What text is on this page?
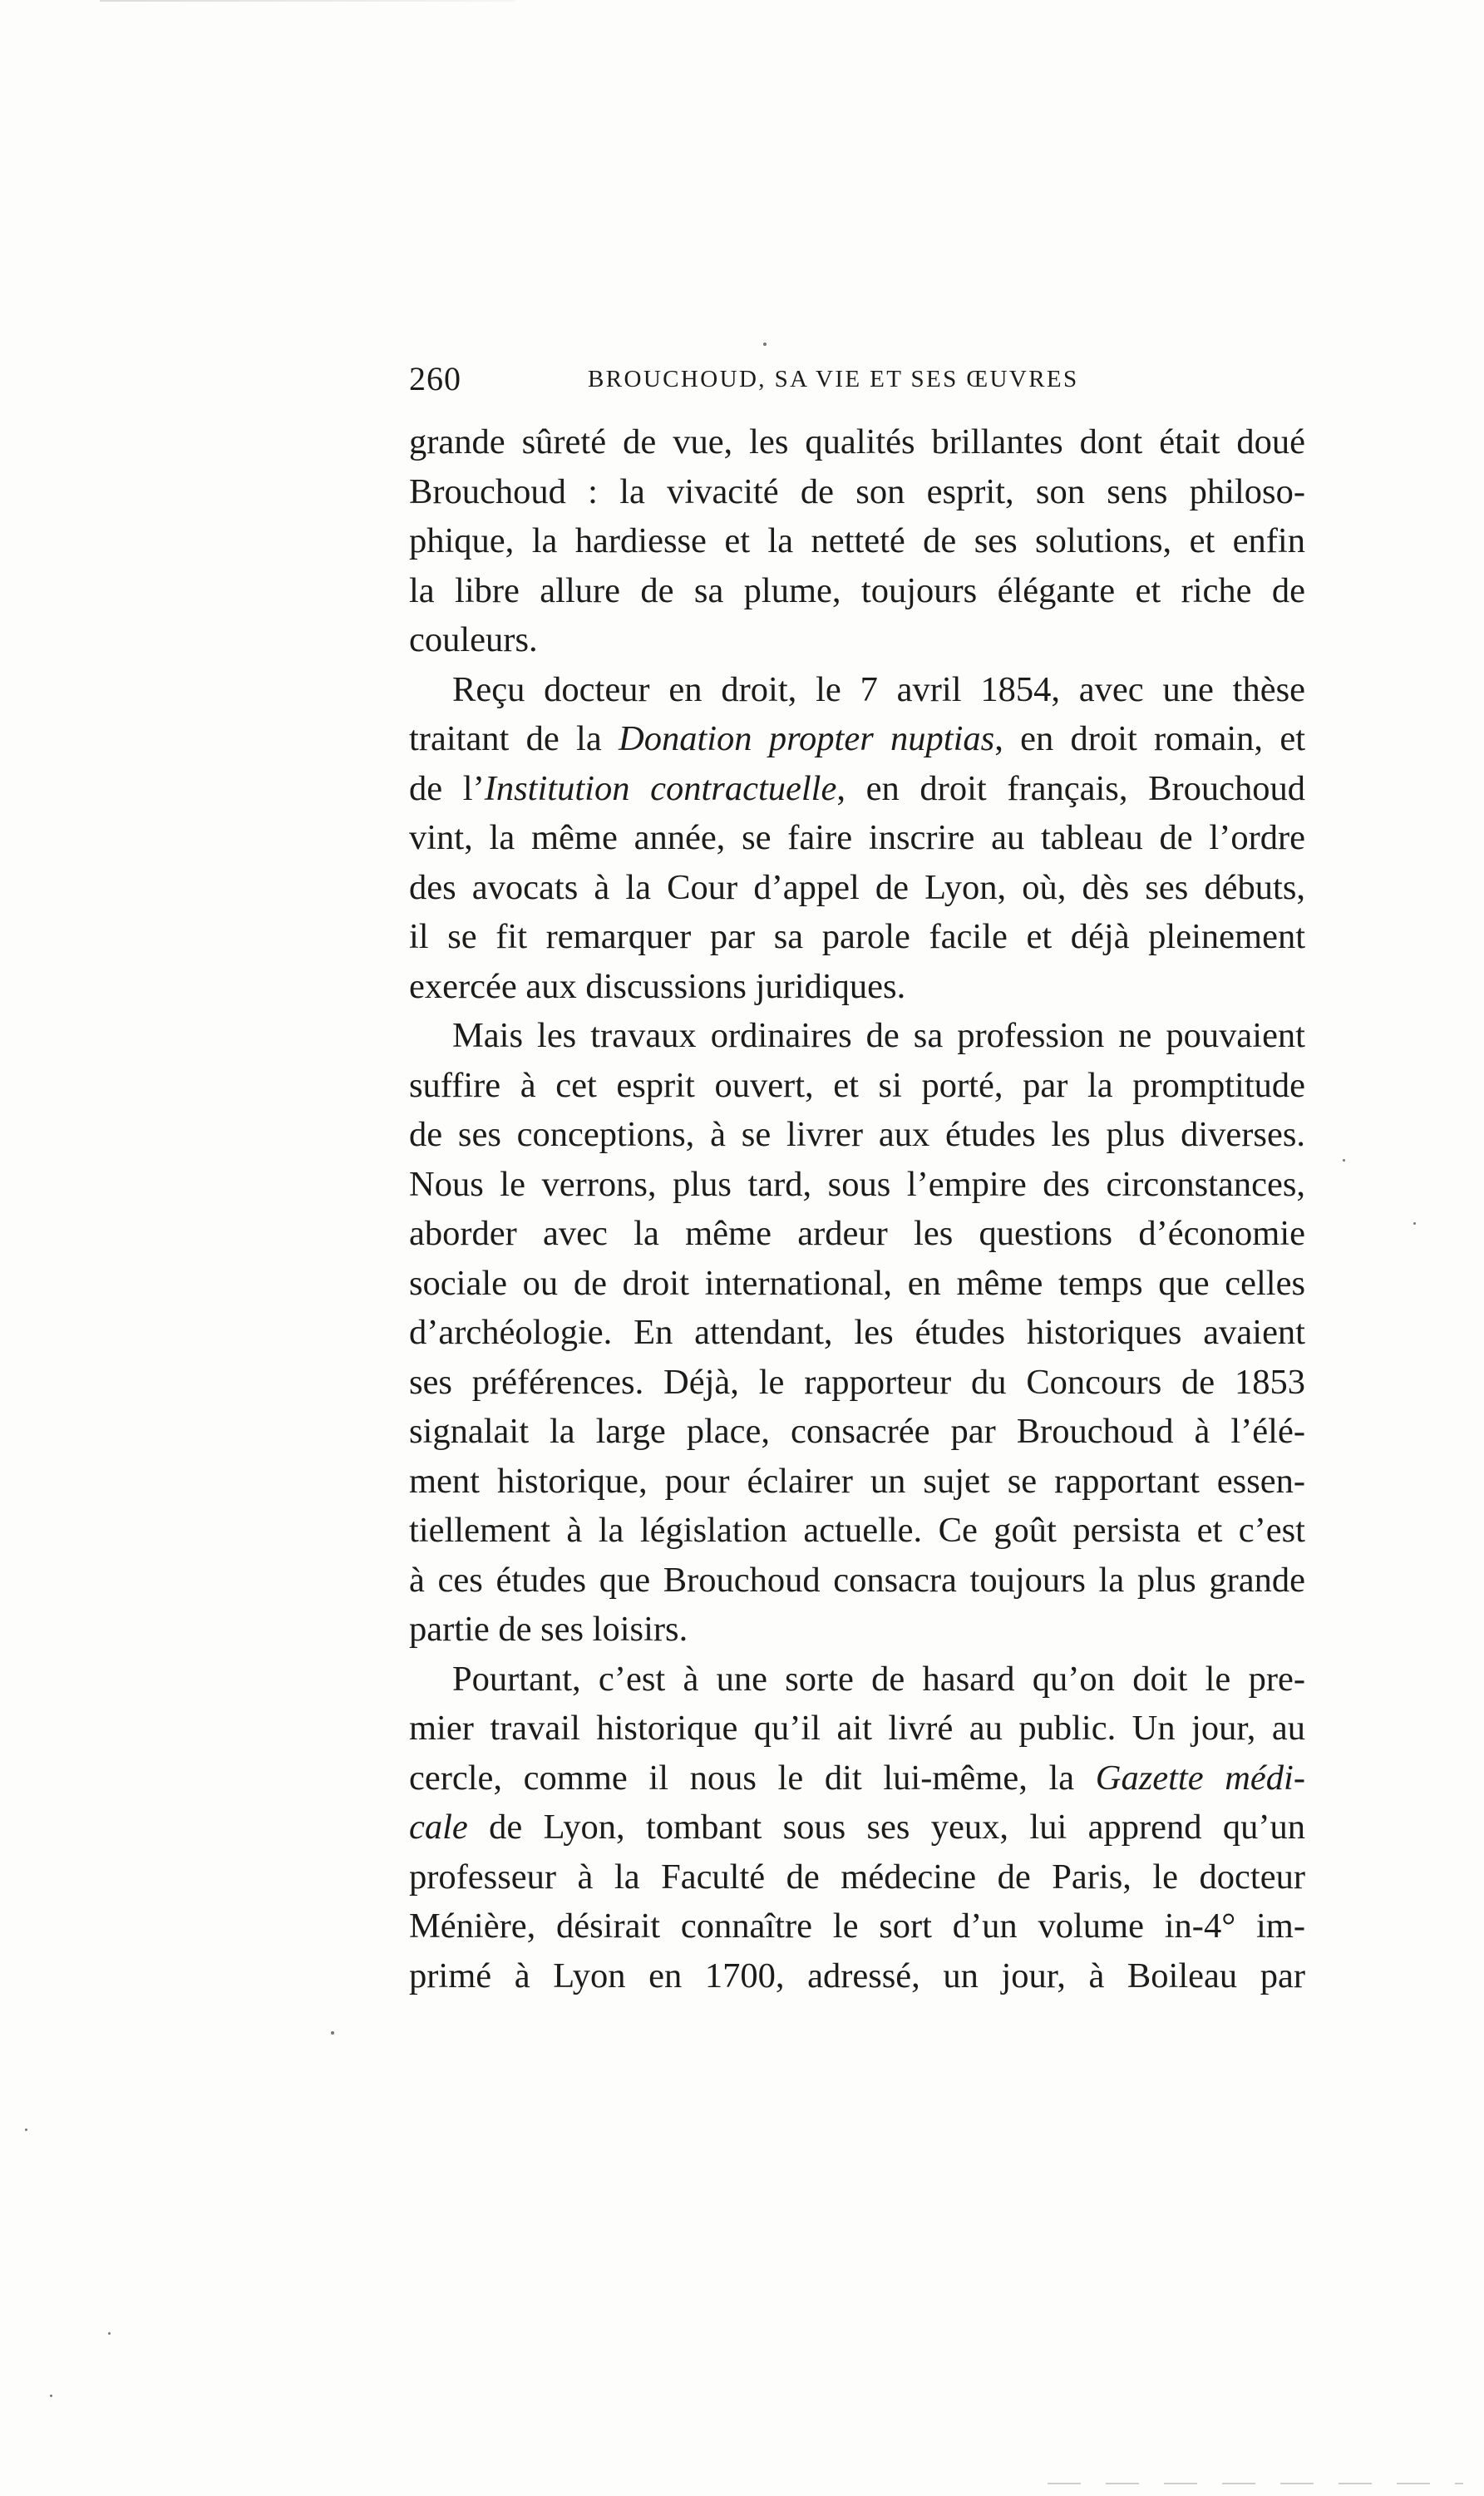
260	BROUCHOUD, SA VIE ET SES ŒUVRES
grande sûreté de vue, les qualités brillantes dont était doué
Brouchoud : la vivacité de son esprit, son sens philoso-
phique, la hardiesse et la netteté de ses solutions, et enfin
la libre allure de sa plume, toujours élégante et riche de
couleurs.
Reçu docteur en droit, le 7 avril 1854, avec une thèse
traitant de la Donation propter nuptias, en droit romain, et
de l’Institution contractuelle, en droit français, Brouchoud
vint, la même année, se faire inscrire au tableau de l’ordre
des avocats à la Cour d’appel de Lyon, où, dès ses débuts,
il se fit remarquer par sa parole facile et déjà pleinement
exercée aux discussions juridiques.
Mais les travaux ordinaires de sa profession ne pouvaient
suffire à cet esprit ouvert, et si porté, par la promptitude
de ses conceptions, à se livrer aux études les plus diverses.
Nous le verrons, plus tard, sous l’empire des circonstances,
aborder avec la même ardeur les questions d’économie
sociale ou de droit international, en même temps que celles
d’archéologie. En attendant, les études historiques avaient
ses préférences. Déjà, le rapporteur du Concours de 1853
signalait la large place, consacrée par Brouchoud à l’élé-
ment historique, pour éclairer un sujet se rapportant essen-
tiellement à la législation actuelle. Ce goût persista et c’est
à ces études que Brouchoud consacra toujours la plus grande
partie de ses loisirs.
Pourtant, c’est à une sorte de hasard qu’on doit le pre-
mier travail historique qu’il ait livré au public. Un jour, au
cercle, comme il nous le dit lui-même, la Gazette médi-
cale de Lyon, tombant sous ses yeux, lui apprend qu’un
professeur à la Faculté de médecine de Paris, le docteur
Ménière, désirait connaître le sort d’un volume in-4° im-
primé à Lyon en 1700, adressé, un jour, à Boileau par
